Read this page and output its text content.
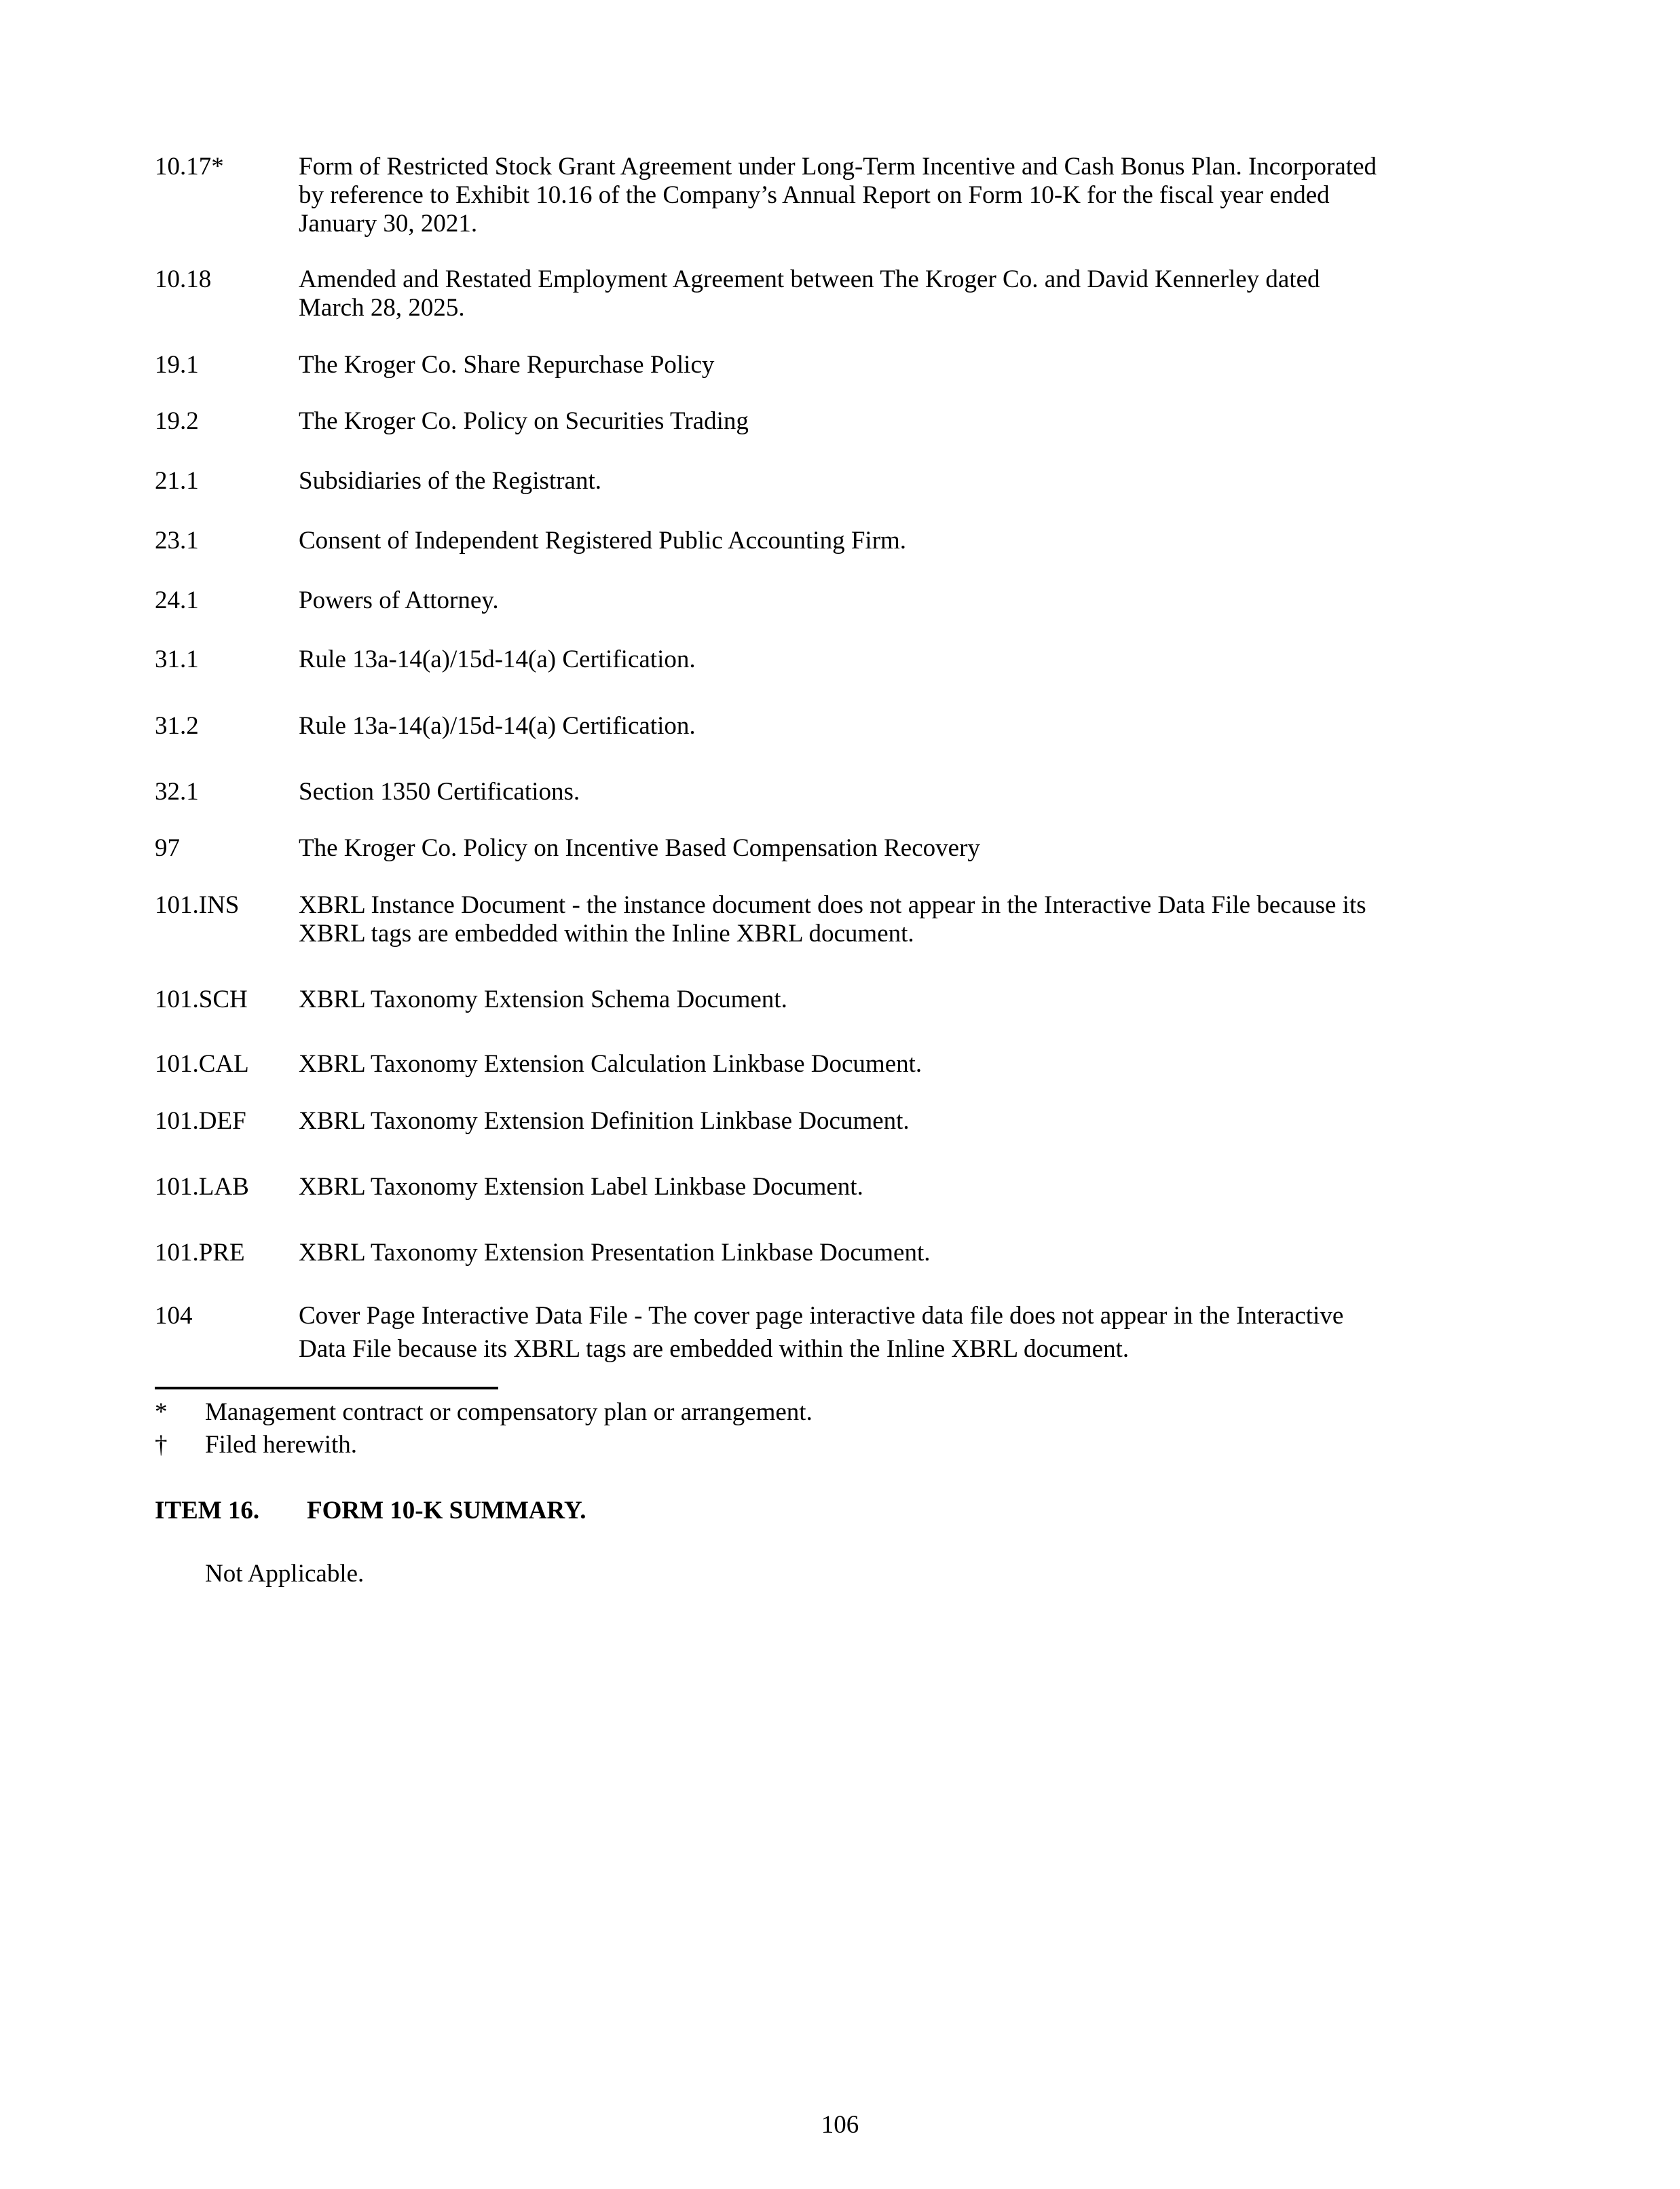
10.17*	Form of Restricted Stock Grant Agreement under Long-Term Incentive and Cash Bonus Plan. Incorporated
by reference to Exhibit 10.16 of the Company’s Annual Report on Form 10-K for the fiscal year ended
January 30, 2021.
10.18	Amended and Restated Employment Agreement between The Kroger Co. and David Kennerley dated
March 28, 2025.
19.1	The Kroger Co. Share Repurchase Policy
19.2	The Kroger Co. Policy on Securities Trading
21.1	Subsidiaries of the Registrant.
23.1	Consent of Independent Registered Public Accounting Firm.
24.1	Powers of Attorney.
31.1	Rule 13a-14(a)/15d-14(a) Certification.
31.2	Rule 13a-14(a)/15d-14(a) Certification.
32.1	Section 1350 Certifications.
97	The Kroger Co. Policy on Incentive Based Compensation Recovery
101.INS	XBRL Instance Document - the instance document does not appear in the Interactive Data File because its
XBRL tags are embedded within the Inline XBRL document.
101.SCH	XBRL Taxonomy Extension Schema Document.
101.CAL	XBRL Taxonomy Extension Calculation Linkbase Document.
101.DEF	XBRL Taxonomy Extension Definition Linkbase Document.
101.LAB	XBRL Taxonomy Extension Label Linkbase Document.
101.PRE	XBRL Taxonomy Extension Presentation Linkbase Document.
104	Cover Page Interactive Data File - The cover page interactive data file does not appear in the Interactive
Data File because its XBRL tags are embedded within the Inline XBRL document.
*	Management contract or compensatory plan or arrangement.
†	Filed herewith.
ITEM 16. FORM 10-K SUMMARY.
Not Applicable.
106
